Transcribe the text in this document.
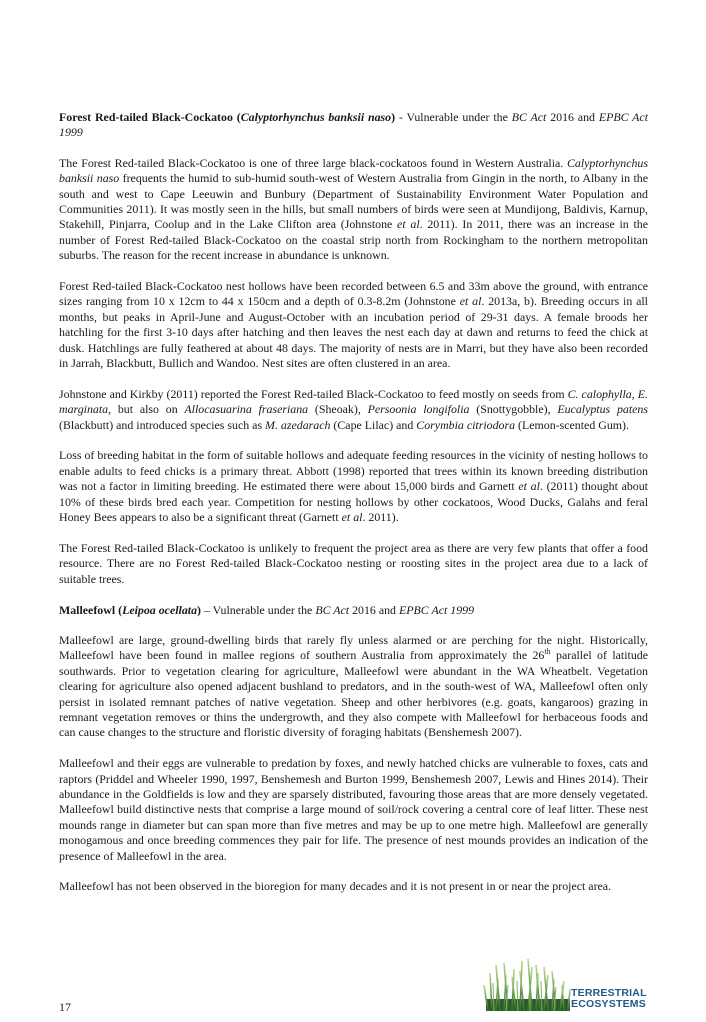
Forest Red-tailed Black-Cockatoo (Calyptorhynchus banksii naso) - Vulnerable under the BC Act 2016 and EPBC Act 1999

The Forest Red-tailed Black-Cockatoo is one of three large black-cockatoos found in Western Australia. Calyptorhynchus banksii naso frequents the humid to sub-humid south-west of Western Australia from Gingin in the north, to Albany in the south and west to Cape Leeuwin and Bunbury (Department of Sustainability Environment Water Population and Communities 2011). It was mostly seen in the hills, but small numbers of birds were seen at Mundijong, Baldivis, Karnup, Stakehill, Pinjarra, Coolup and in the Lake Clifton area (Johnstone et al. 2011). In 2011, there was an increase in the number of Forest Red-tailed Black-Cockatoo on the coastal strip north from Rockingham to the northern metropolitan suburbs. The reason for the recent increase in abundance is unknown.

Forest Red-tailed Black-Cockatoo nest hollows have been recorded between 6.5 and 33m above the ground, with entrance sizes ranging from 10 x 12cm to 44 x 150cm and a depth of 0.3-8.2m (Johnstone et al. 2013a, b). Breeding occurs in all months, but peaks in April-June and August-October with an incubation period of 29-31 days. A female broods her hatchling for the first 3-10 days after hatching and then leaves the nest each day at dawn and returns to feed the chick at dusk. Hatchlings are fully feathered at about 48 days. The majority of nests are in Marri, but they have also been recorded in Jarrah, Blackbutt, Bullich and Wandoo. Nest sites are often clustered in an area.

Johnstone and Kirkby (2011) reported the Forest Red-tailed Black-Cockatoo to feed mostly on seeds from C. calophylla, E. marginata, but also on Allocasuarina fraseriana (Sheoak), Persoonia longifolia (Snottygobble), Eucalyptus patens (Blackbutt) and introduced species such as M. azedarach (Cape Lilac) and Corymbia citriodora (Lemon-scented Gum).

Loss of breeding habitat in the form of suitable hollows and adequate feeding resources in the vicinity of nesting hollows to enable adults to feed chicks is a primary threat. Abbott (1998) reported that trees within its known breeding distribution was not a factor in limiting breeding. He estimated there were about 15,000 birds and Garnett et al. (2011) thought about 10% of these birds bred each year. Competition for nesting hollows by other cockatoos, Wood Ducks, Galahs and feral Honey Bees appears to also be a significant threat (Garnett et al. 2011).

The Forest Red-tailed Black-Cockatoo is unlikely to frequent the project area as there are very few plants that offer a food resource. There are no Forest Red-tailed Black-Cockatoo nesting or roosting sites in the project area due to a lack of suitable trees.

Malleefowl (Leipoa ocellata) – Vulnerable under the BC Act 2016 and EPBC Act 1999

Malleefowl are large, ground-dwelling birds that rarely fly unless alarmed or are perching for the night. Historically, Malleefowl have been found in mallee regions of southern Australia from approximately the 26th parallel of latitude southwards. Prior to vegetation clearing for agriculture, Malleefowl were abundant in the WA Wheatbelt. Vegetation clearing for agriculture also opened adjacent bushland to predators, and in the south-west of WA, Malleefowl often only persist in isolated remnant patches of native vegetation. Sheep and other herbivores (e.g. goats, kangaroos) grazing in remnant vegetation removes or thins the undergrowth, and they also compete with Malleefowl for herbaceous foods and can cause changes to the structure and floristic diversity of foraging habitats (Benshemesh 2007).

Malleefowl and their eggs are vulnerable to predation by foxes, and newly hatched chicks are vulnerable to foxes, cats and raptors (Priddel and Wheeler 1990, 1997, Benshemesh and Burton 1999, Benshemesh 2007, Lewis and Hines 2014). Their abundance in the Goldfields is low and they are sparsely distributed, favouring those areas that are more densely vegetated. Malleefowl build distinctive nests that comprise a large mound of soil/rock covering a central core of leaf litter. These nest mounds range in diameter but can span more than five metres and may be up to one metre high. Malleefowl are generally monogamous and once breeding commences they pair for life. The presence of nest mounds provides an indication of the presence of Malleefowl in the area.

Malleefowl has not been observed in the bioregion for many decades and it is not present in or near the project area.

17
TERRESTRIAL
ECOSYSTEMS
